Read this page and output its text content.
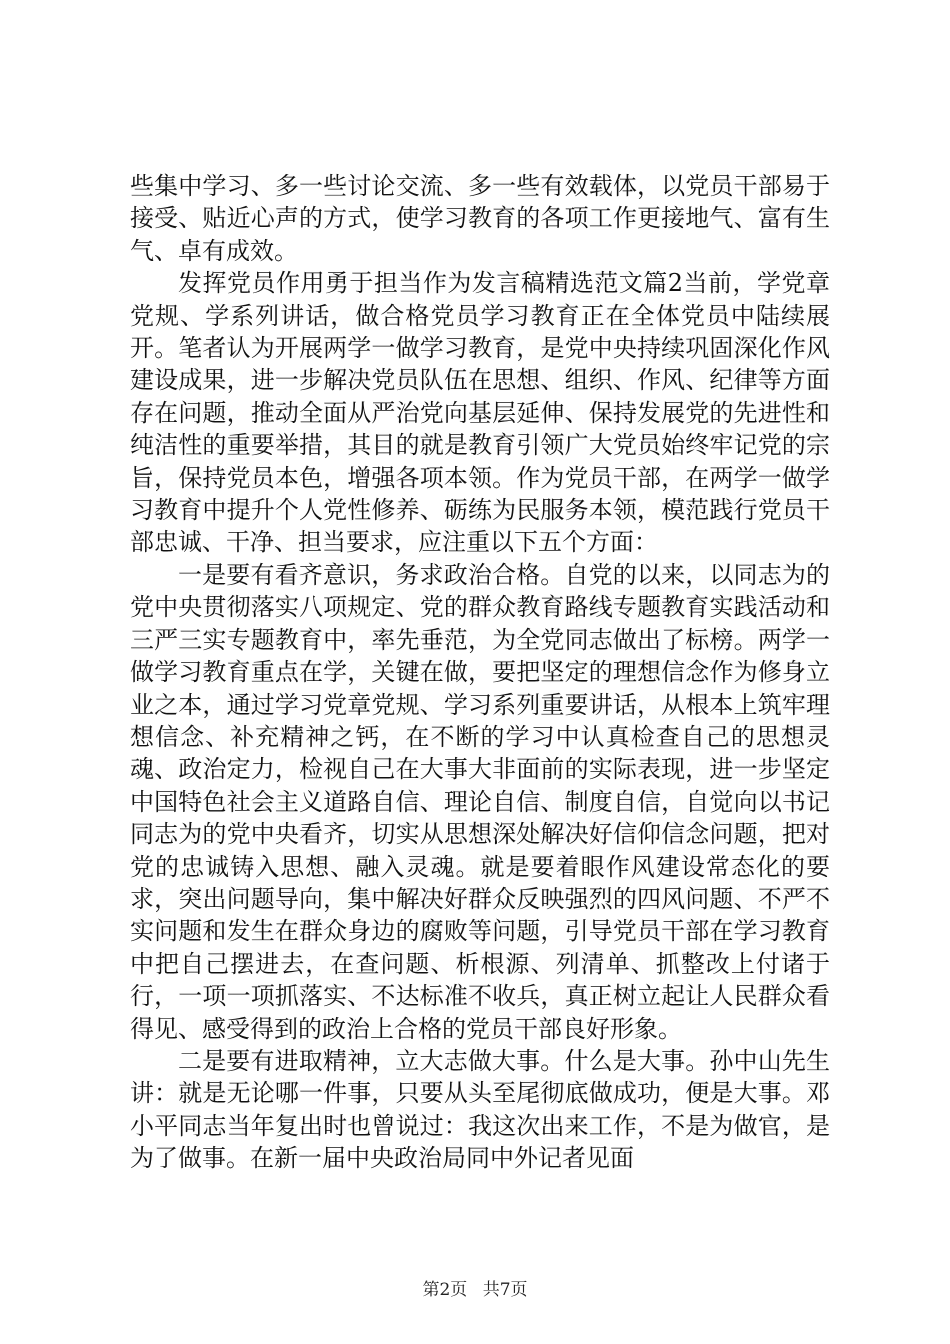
些集中学习、多一些讨论交流、多一些有效载体，以党员干部易于接受、贴近心声的方式，使学习教育的各项工作更接地气、富有生气、卓有成效。

发挥党员作用勇于担当作为发言稿精选范文篇2当前，学党章党规、学系列讲话，做合格党员学习教育正在全体党员中陆续展开。笔者认为开展两学一做学习教育，是党中央持续巩固深化作风建设成果，进一步解决党员队伍在思想、组织、作风、纪律等方面存在问题，推动全面从严治党向基层延伸、保持发展党的先进性和纯洁性的重要举措，其目的就是教育引领广大党员始终牢记党的宗旨，保持党员本色，增强各项本领。作为党员干部，在两学一做学习教育中提升个人党性修养、砺练为民服务本领，模范践行党员干部忠诚、干净、担当要求，应注重以下五个方面：

一是要有看齐意识，务求政治合格。自党的以来，以同志为的党中央贯彻落实八项规定、党的群众教育路线专题教育实践活动和三严三实专题教育中，率先垂范，为全党同志做出了标榜。两学一做学习教育重点在学，关键在做，要把坚定的理想信念作为修身立业之本，通过学习党章党规、学习系列重要讲话，从根本上筑牢理想信念、补充精神之钙，在不断的学习中认真检查自己的思想灵魂、政治定力，检视自己在大事大非面前的实际表现，进一步坚定中国特色社会主义道路自信、理论自信、制度自信，自觉向以书记同志为的党中央看齐，切实从思想深处解决好信仰信念问题，把对党的忠诚铸入思想、融入灵魂。就是要着眼作风建设常态化的要求，突出问题导向，集中解决好群众反映强烈的四风问题、不严不实问题和发生在群众身边的腐败等问题，引导党员干部在学习教育中把自己摆进去，在查问题、析根源、列清单、抓整改上付诸于行，一项一项抓落实、不达标准不收兵，真正树立起让人民群众看得见、感受得到的政治上合格的党员干部良好形象。

二是要有进取精神，立大志做大事。什么是大事。孙中山先生讲：就是无论哪一件事，只要从头至尾彻底做成功，便是大事。邓小平同志当年复出时也曾说过：我这次出来工作，不是为做官，是为了做事。在新一届中央政治局同中外记者见面

第2页 共7页
